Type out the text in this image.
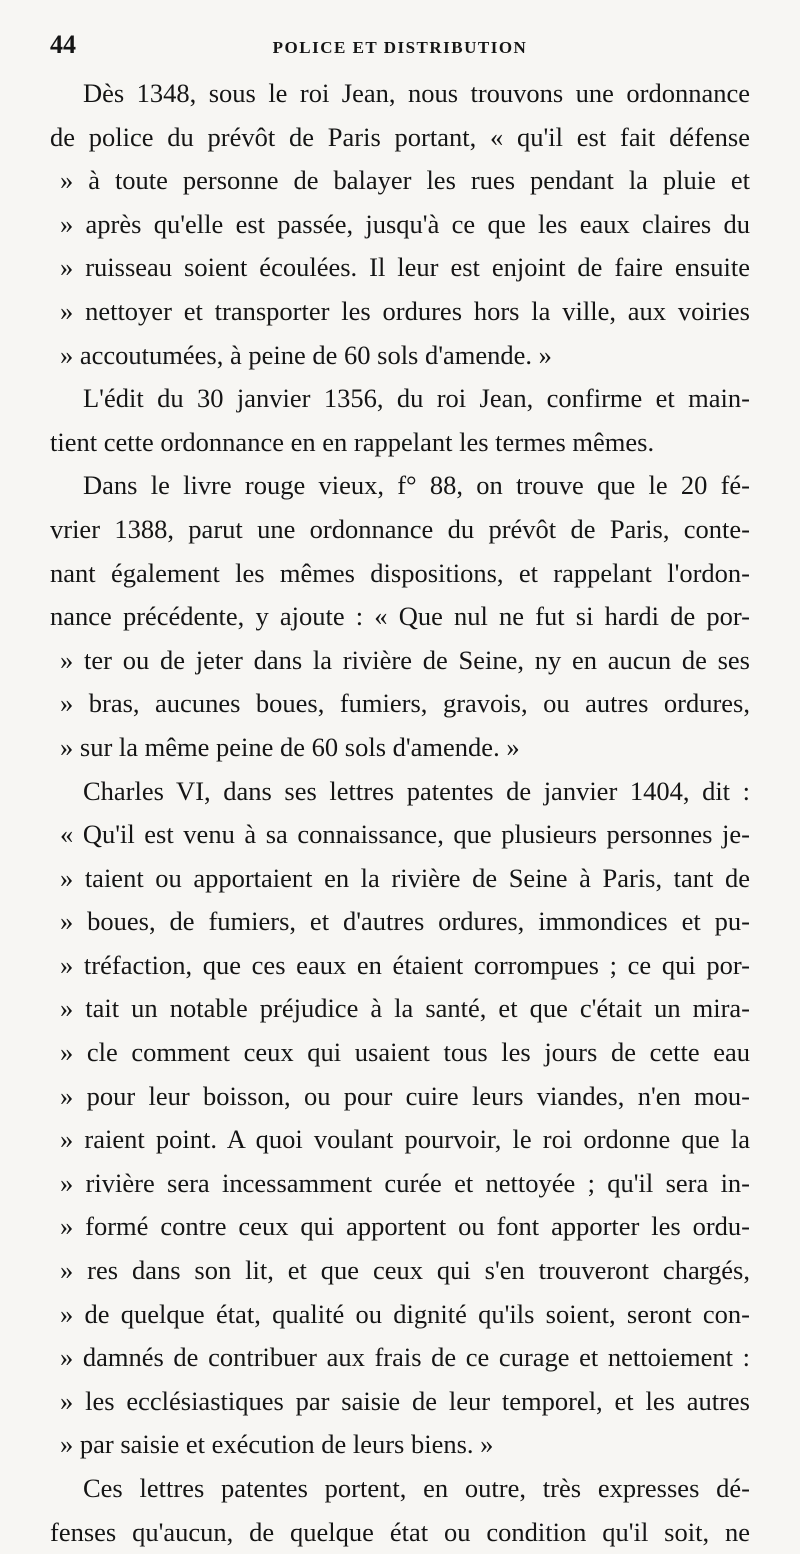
44	POLICE ET DISTRIBUTION
Dès 1348, sous le roi Jean, nous trouvons une ordonnance
de police du prévôt de Paris portant, « qu'il est fait défense
» à toute personne de balayer les rues pendant la pluie et
» après qu'elle est passée, jusqu'à ce que les eaux claires du
» ruisseau soient écoulées. Il leur est enjoint de faire ensuite
» nettoyer et transporter les ordures hors la ville, aux voiries
» accoutumées, à peine de 60 sols d'amende. »
L'édit du 30 janvier 1356, du roi Jean, confirme et main-
tient cette ordonnance en en rappelant les termes mêmes.
Dans le livre rouge vieux, f° 88, on trouve que le 20 fé-
vrier 1388, parut une ordonnance du prévôt de Paris, conte-
nant également les mêmes dispositions, et rappelant l'ordon-
nance précédente, y ajoute : « Que nul ne fut si hardi de por-
» ter ou de jeter dans la rivière de Seine, ny en aucun de ses
» bras, aucunes boues, fumiers, gravois, ou autres ordures,
» sur la même peine de 60 sols d'amende. »
Charles VI, dans ses lettres patentes de janvier 1404, dit :
« Qu'il est venu à sa connaissance, que plusieurs personnes je-
» taient ou apportaient en la rivière de Seine à Paris, tant de
» boues, de fumiers, et d'autres ordures, immondices et pu-
» tréfaction, que ces eaux en étaient corrompues ; ce qui por-
» tait un notable préjudice à la santé, et que c'était un mira-
» cle comment ceux qui usaient tous les jours de cette eau
» pour leur boisson, ou pour cuire leurs viandes, n'en mou-
» raient point. A quoi voulant pourvoir, le roi ordonne que la
» rivière sera incessamment curée et nettoyée ; qu'il sera in-
» formé contre ceux qui apportent ou font apporter les ordu-
» res dans son lit, et que ceux qui s'en trouveront chargés,
» de quelque état, qualité ou dignité qu'ils soient, seront con-
» damnés de contribuer aux frais de ce curage et nettoiement :
» les ecclésiastiques par saisie de leur temporel, et les autres
» par saisie et exécution de leurs biens. »
Ces lettres patentes portent, en outre, très expresses dé-
fenses qu'aucun, de quelque état ou condition qu'il soit, ne
